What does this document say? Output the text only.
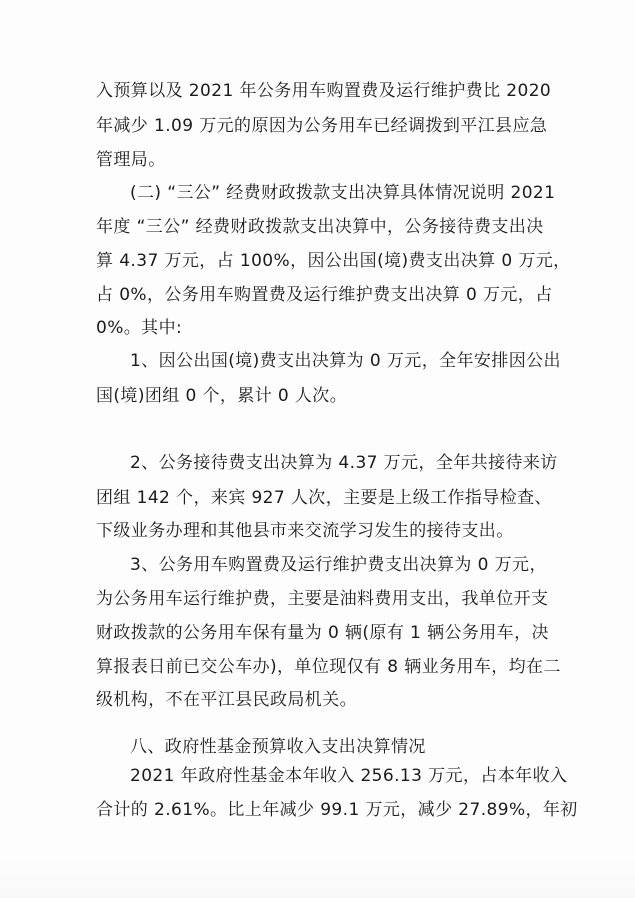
入预算以及 2021 年公务用车购置费及运行维护费比 2020
年减少 1.09 万元的原因为公务用车已经调拨到平江县应急
管理局。
(二) “三公” 经费财政拨款支出决算具体情况说明 2021
年度 “三公” 经费财政拨款支出决算中，公务接待费支出决
算 4.37 万元，占 100%，因公出国(境)费支出决算 0 万元，
占 0%，公务用车购置费及运行维护费支出决算 0 万元，占
0%。其中:
1、因公出国(境)费支出决算为 0 万元，全年安排因公出
国(境)团组 0 个，累计 0 人次。
2、公务接待费支出决算为 4.37 万元，全年共接待来访
团组 142 个，来宾 927 人次，主要是上级工作指导检查、
下级业务办理和其他县市来交流学习发生的接待支出。
3、公务用车购置费及运行维护费支出决算为 0 万元，
为公务用车运行维护费，主要是油料费用支出，我单位开支
财政拨款的公务用车保有量为 0 辆(原有 1 辆公务用车，决
算报表日前已交公车办)，单位现仅有 8 辆业务用车，均在二
级机构，不在平江县民政局机关。
八、政府性基金预算收入支出决算情况
2021 年政府性基金本年收入 256.13 万元，占本年收入
合计的 2.61%。比上年减少 99.1 万元，减少 27.89%，年初
